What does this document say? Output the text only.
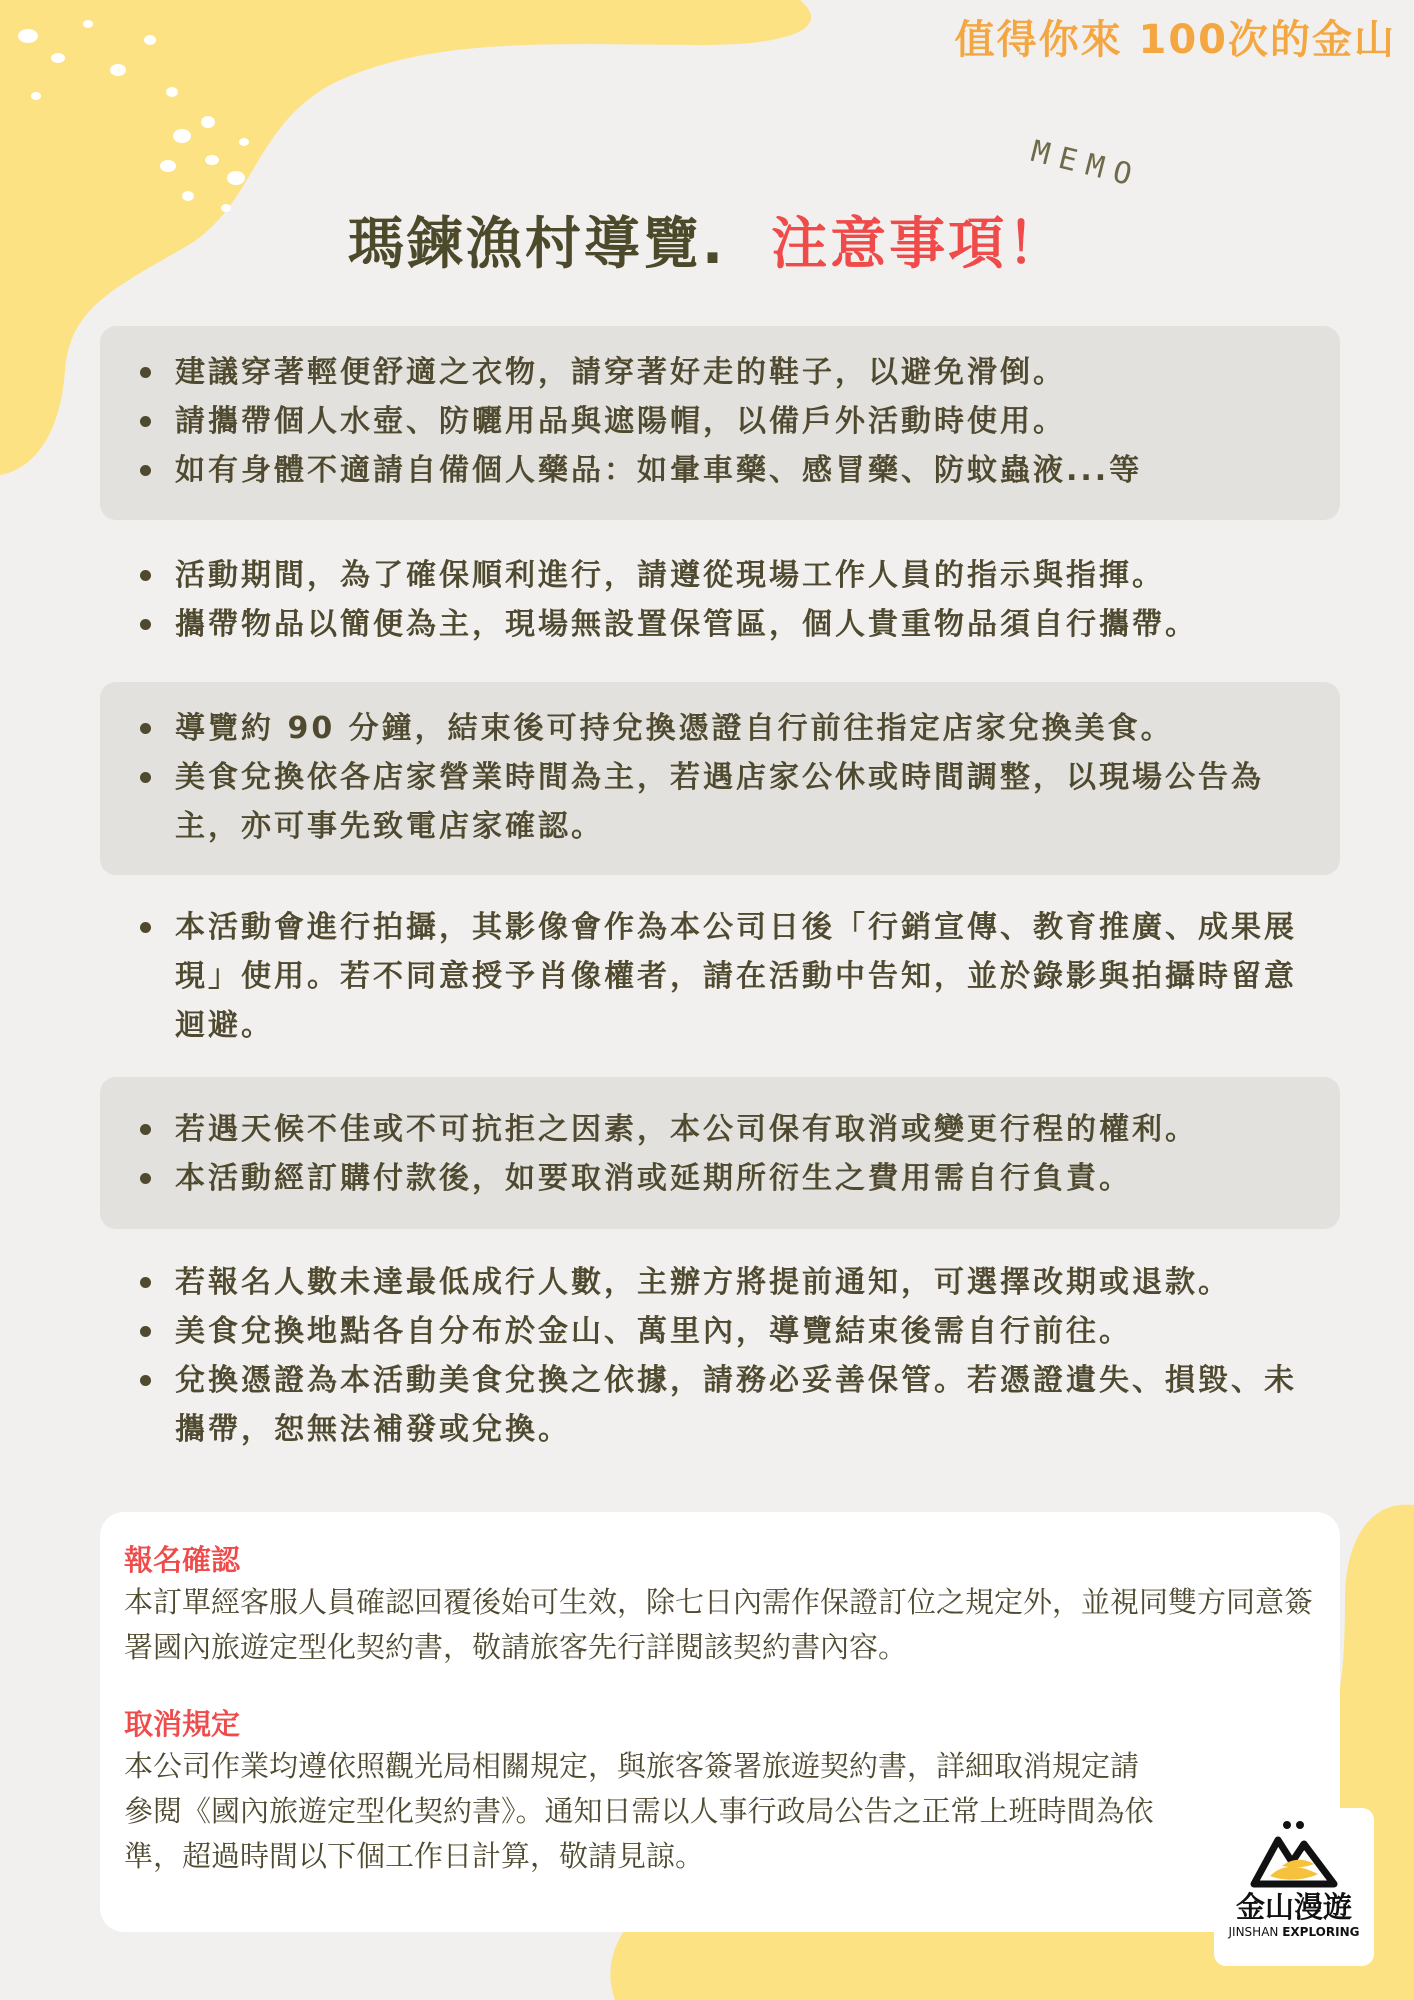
值得你來 100次的金山
MEMO
瑪鍊漁村導覽. 注意事項！
建議穿著輕便舒適之衣物，請穿著好走的鞋子，以避免滑倒。
請攜帶個人水壺、防曬用品與遮陽帽，以備戶外活動時使用。
如有身體不適請自備個人藥品：如暈車藥、感冒藥、防蚊蟲液...等
活動期間，為了確保順利進行，請遵從現場工作人員的指示與指揮。
攜帶物品以簡便為主，現場無設置保管區，個人貴重物品須自行攜帶。
導覽約 90 分鐘，結束後可持兌換憑證自行前往指定店家兌換美食。
美食兌換依各店家營業時間為主，若遇店家公休或時間調整，以現場公告為主，亦可事先致電店家確認。
本活動會進行拍攝，其影像會作為本公司日後「行銷宣傳、教育推廣、成果展現」使用。若不同意授予肖像權者，請在活動中告知，並於錄影與拍攝時留意迴避。
若遇天候不佳或不可抗拒之因素，本公司保有取消或變更行程的權利。
本活動經訂購付款後，如要取消或延期所衍生之費用需自行負責。
若報名人數未達最低成行人數，主辦方將提前通知，可選擇改期或退款。
美食兌換地點各自分布於金山、萬里內，導覽結束後需自行前往。
兌換憑證為本活動美食兌換之依據，請務必妥善保管。若憑證遺失、損毀、未攜帶，恕無法補發或兌換。
報名確認

本訂單經客服人員確認回覆後始可生效，除七日內需作保證訂位之規定外，並視同雙方同意簽署國內旅遊定型化契約書，敬請旅客先行詳閱該契約書內容。

取消規定

本公司作業均遵依照觀光局相關規定，與旅客簽署旅遊契約書，詳細取消規定請參閱《國內旅遊定型化契約書》。通知日需以人事行政局公告之正常上班時間為依準，超過時間以下個工作日計算，敬請見諒。

金山漫遊
JINSHAN EXPLORING
